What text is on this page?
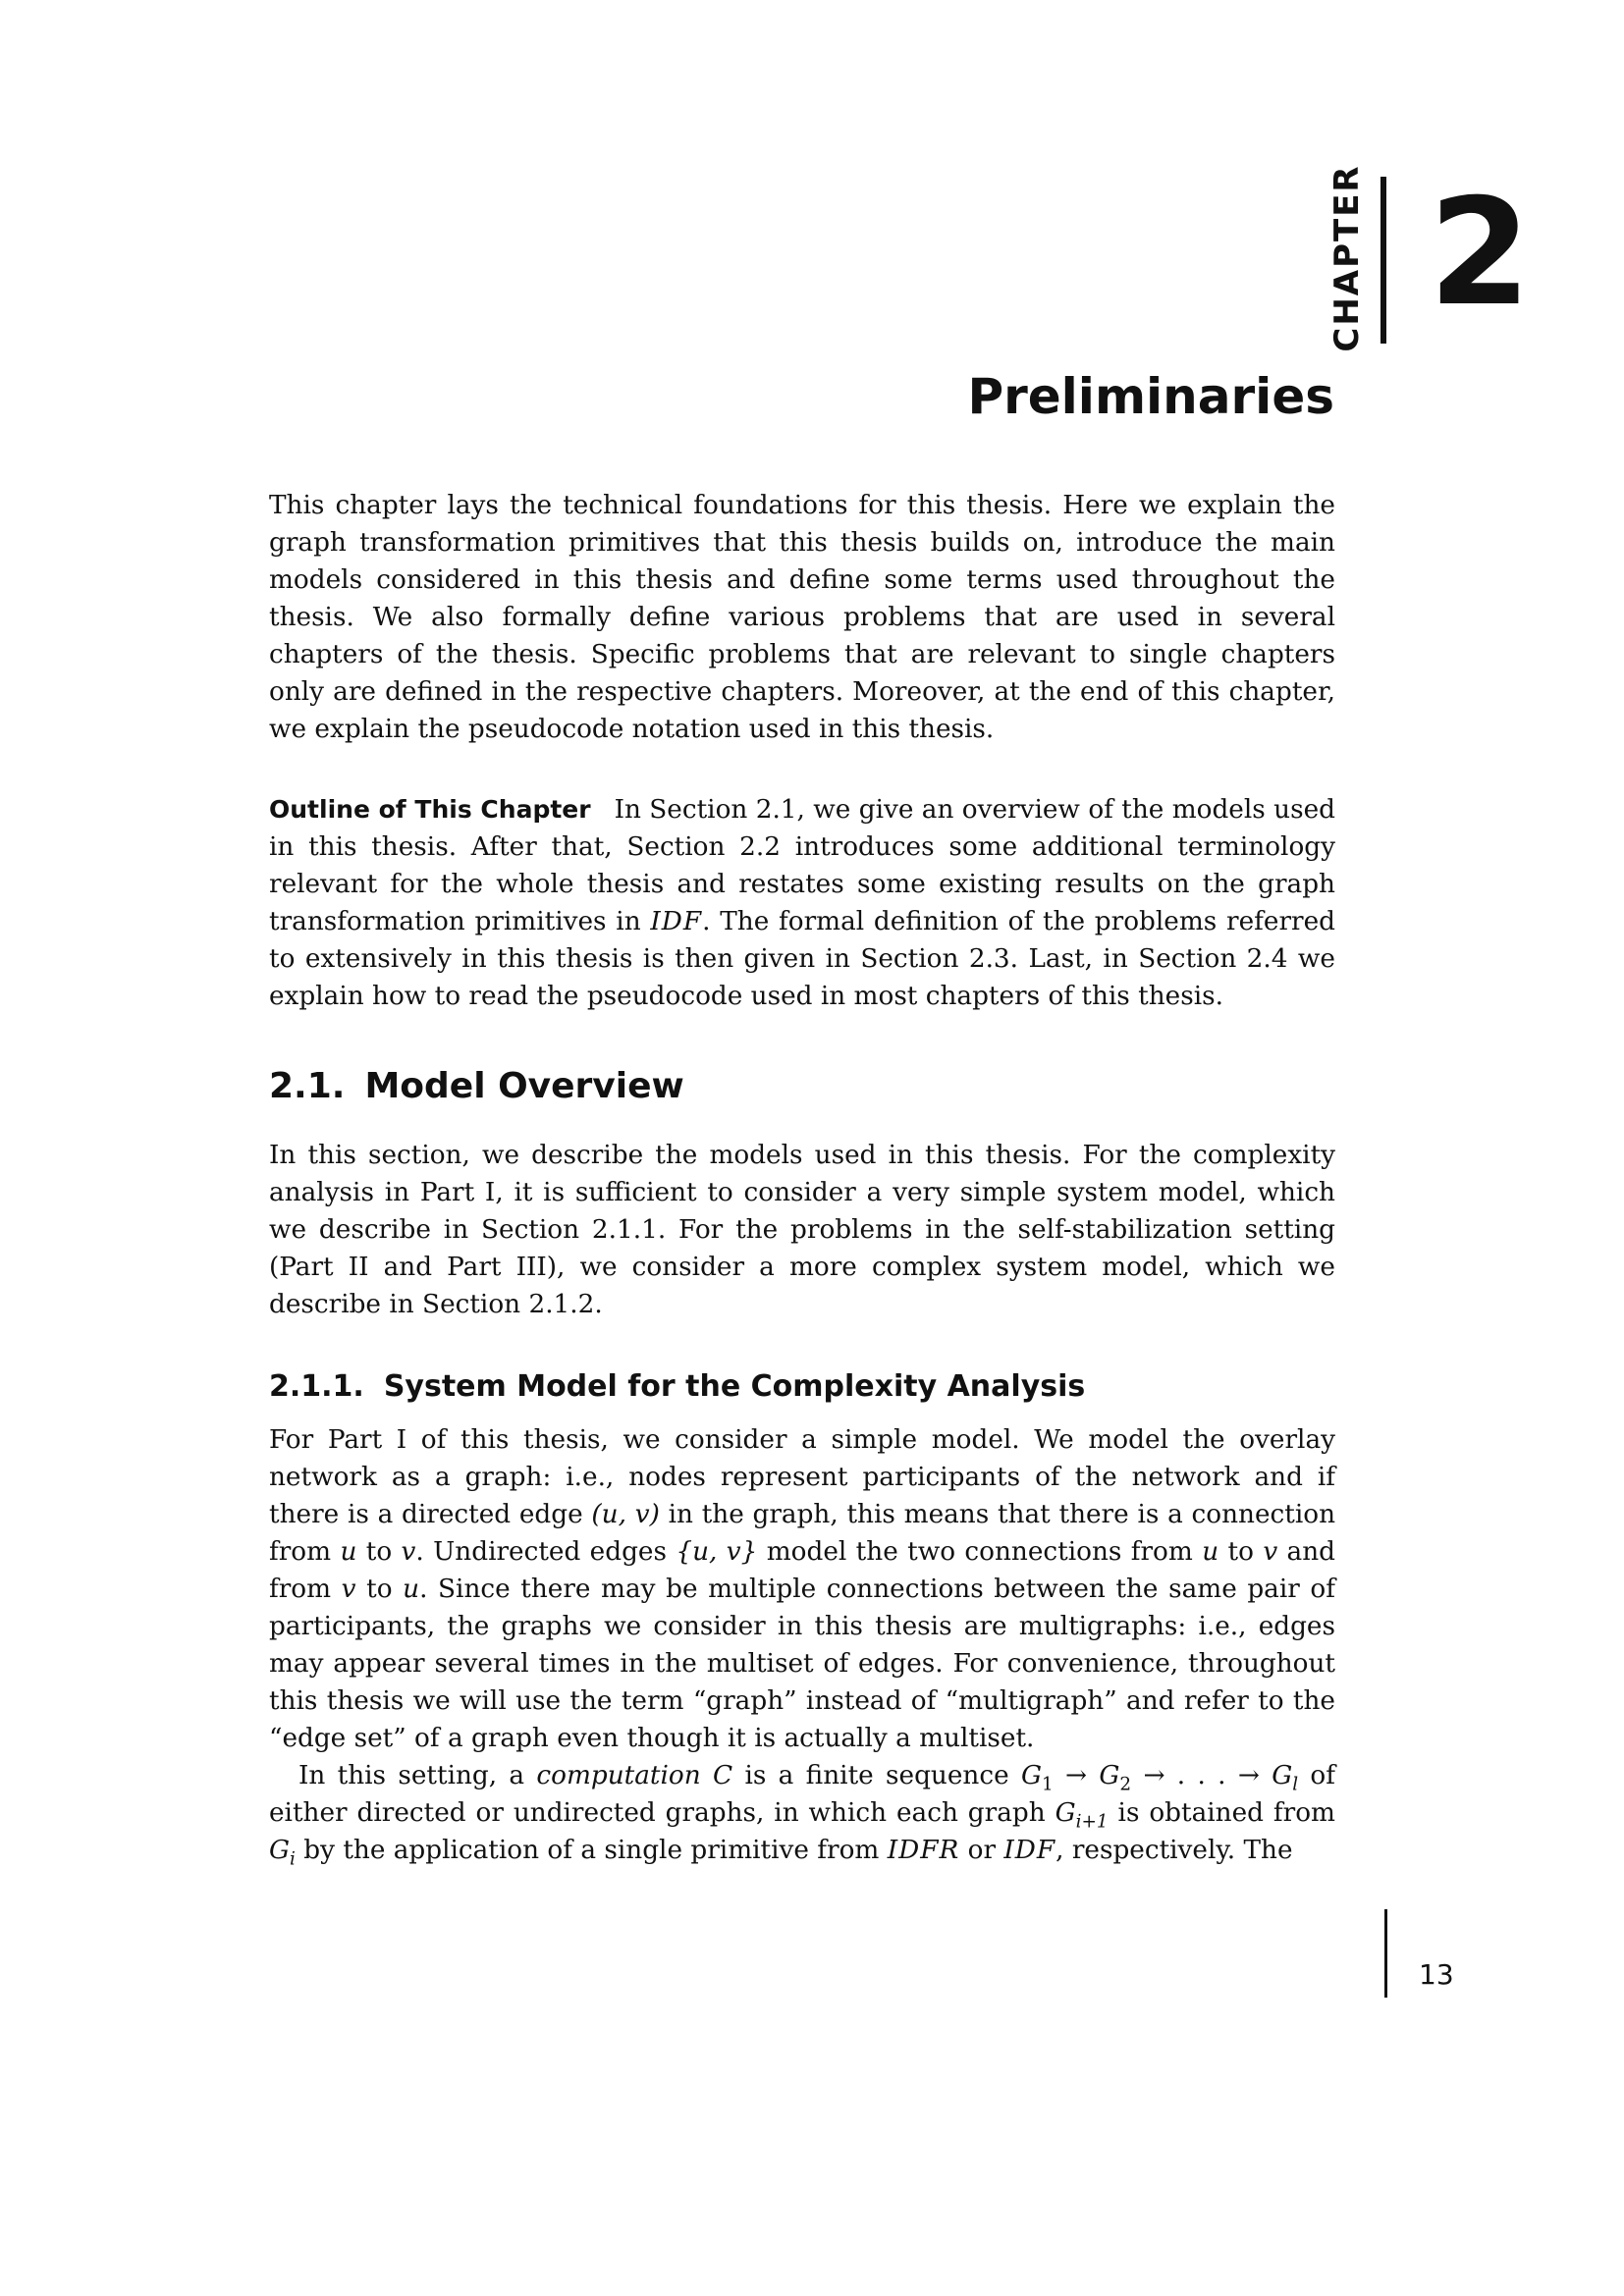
CHAPTER 2
Preliminaries

This chapter lays the technical foundations for this thesis. Here we explain the graph transformation primitives that this thesis builds on, introduce the main models considered in this thesis and define some terms used throughout the thesis. We also formally define various problems that are used in several chapters of the thesis. Specific problems that are relevant to single chapters only are defined in the respective chapters. Moreover, at the end of this chapter, we explain the pseudocode notation used in this thesis.

Outline of This Chapter In Section 2.1, we give an overview of the models used in this thesis. After that, Section 2.2 introduces some additional terminology relevant for the whole thesis and restates some existing results on the graph transformation primitives in IDF. The formal definition of the problems referred to extensively in this thesis is then given in Section 2.3. Last, in Section 2.4 we explain how to read the pseudocode used in most chapters of this thesis.

2.1. Model Overview

In this section, we describe the models used in this thesis. For the complexity analysis in Part I, it is sufficient to consider a very simple system model, which we describe in Section 2.1.1. For the problems in the self-stabilization setting (Part II and Part III), we consider a more complex system model, which we describe in Section 2.1.2.

2.1.1. System Model for the Complexity Analysis

For Part I of this thesis, we consider a simple model. We model the overlay network as a graph: i.e., nodes represent participants of the network and if there is a directed edge (u, v) in the graph, this means that there is a connection from u to v. Undirected edges {u, v} model the two connections from u to v and from v to u. Since there may be multiple connections between the same pair of participants, the graphs we consider in this thesis are multigraphs: i.e., edges may appear several times in the multiset of edges. For convenience, throughout this thesis we will use the term “graph” instead of “multigraph” and refer to the “edge set” of a graph even though it is actually a multiset.

In this setting, a computation C is a finite sequence $G_1 \to G_2$ → . . . → $G_l$ of either directed or undirected graphs, in which each graph $G_{i+1}$ is obtained from $G_i$ by the application of a single primitive from IDFR or IDF, respectively. The

13
